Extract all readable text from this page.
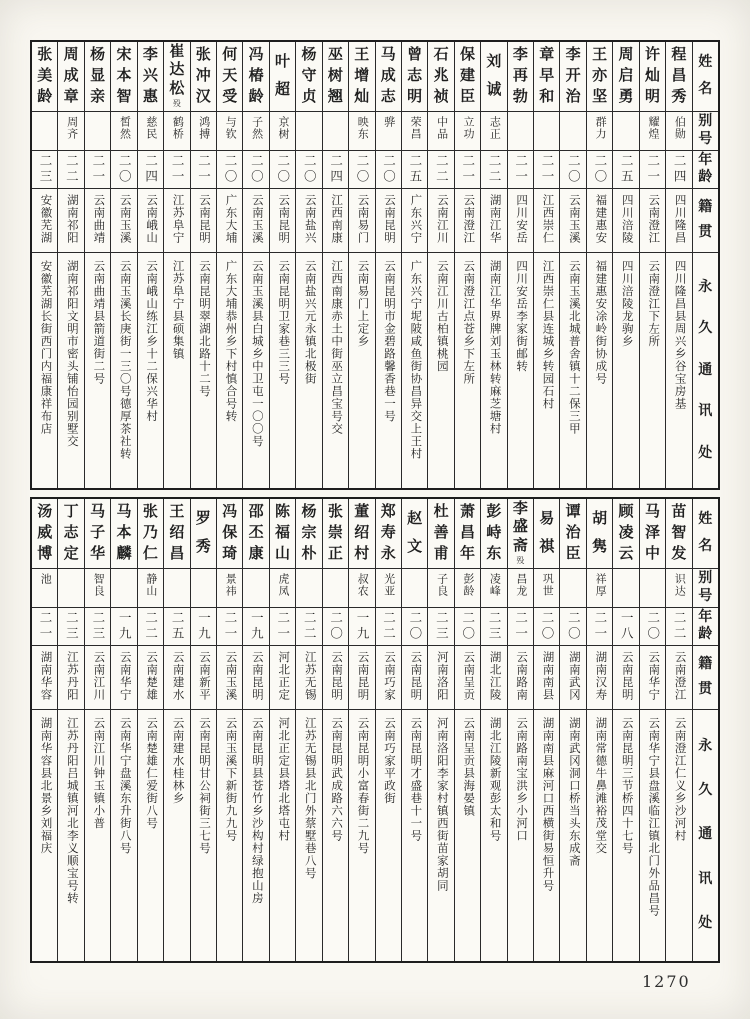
姓
名
别
号
年
龄
籍
贯
永
久
通
讯
处
程
昌
秀
伯勋
二四
四川隆昌
四川隆昌县周兴乡谷宝房基
许
灿
明
耀煌
二一
云南澄江
云南澄江下左所
周
启
勇
二五
四川涪陵
四川涪陵龙驹乡
王
亦
坚
群力
二〇
福建惠安
福建惠安凃岭街协成号
李
开
治
二〇
云南玉溪
云南玉溪北城普舍镇十二保三甲
章
早
和
二一
江西崇仁
江西崇仁县连城乡转园石村
李
再
勃
二一
四川安岳
四川安岳李家街邮转
刘
诚
志正
二二
湖南江华
湖南江华界牌刘玉林转麻芝塘村
保
建
臣
立功
二一
云南澄江
云南澄江点苍乡下左所
石
兆
祯
中品
二二
云南江川
云南江川古柏镇桃园
曾
志
明
荣昌
二五
广东兴宁
广东兴宁坭陂咸鱼街协昌异交上王村
马
成
志
骅
二〇
云南昆明
云南昆明市金碧路馨香巷一号
王
增
灿
映东
二〇
云南易门
云南易门上定乡
巫
树
翘
二四
江西南康
江西南康赤土中街巫立昌宝号交
杨
守
贞
二〇
云南盐兴
云南盐兴元永镇北极街
叶
超
京树
二〇
云南昆明
云南昆明卫家巷三三号
冯
椿
龄
子然
二〇
云南玉溪
云南玉溪县白城乡中卫屯一〇〇号
何
天
受
与钦
二〇
广东大埔
广东大埔恭州乡下村慎合号转
张
冲
汉
鸿搏
二一
云南昆明
云南昆明翠湖北路十二号
崔
达
松
殁
鹤桥
二一
江苏阜宁
江苏阜宁县硕集镇
李
兴
惠
慈民
二四
云南峨山
云南峨山练江乡十二保兴华村
宋
本
智
皙然
二〇
云南玉溪
云南玉溪长庚街一三〇号德厚茶社转
杨
显
亲
二一
云南曲靖
云南曲靖县箭道街二号
周
成
章
周齐
二二
湖南祁阳
湖南祁阳文明市密头铺怡园别墅交
张
美
龄
二三
安徽芜湖
安徽芜湖长街西门内福康祥布店
姓
名
别
号
年
龄
籍
贯
永
久
通
讯
处
苗
智
发
识达
二二
云南澄江
云南澄江仁义乡沙河村
马
泽
中
二〇
云南华宁
云南华宁县盘溪临江镇北门外品昌号
顾
凌
云
一八
云南昆明
云南昆明三节桥四十七号
胡
隽
祥厚
二一
湖南汉寿
湖南常德牛鼻滩裕茂堂交
谭
治
臣
二〇
湖南武冈
湖南武冈洞口桥当头东成斋
易
祺
巩世
二〇
湖南南县
湖南南县麻河口西横街易恒升号
李
盛
斋
殁
昌龙
二一
云南路南
云南路南宝洪乡小河口
彭
峙
东
凌峰
二三
湖北江陵
湖北江陵新观彭太和号
萧
昌
年
彭龄
二〇
云南呈贡
云南呈贡县海晏镇
杜
善
甫
子良
二三
河南洛阳
河南洛阳李家村镇西街苗家胡同
赵
文
二〇
云南昆明
云南昆明才盛巷十一号
郑
寿
永
光亚
二二
云南巧家
云南巧家平政街
董
绍
村
叔农
一九
云南昆明
云南昆明小富春街二九号
张
崇
正
二〇
云南昆明
云南昆明武成路六六号
杨
宗
朴
二二
江苏无锡
江苏无锡县北门外蔡墅巷八号
陈
福
山
虎凤
二一
河北正定
河北正定县塔北塔屯村
邵
丕
康
一九
云南昆明
云南昆明县苍竹乡沙构村绿抱山房
冯
保
琦
景祎
二一
云南玉溪
云南玉溪下新街九九号
罗
秀
一九
云南新平
云南昆明甘公祠街三七号
王
绍
昌
二五
云南建水
云南建水桂林乡
张
乃
仁
静山
二二
云南楚雄
云南楚雄仁爱街八号
马
本
麟
一九
云南华宁
云南华宁盘溪东升街八号
马
子
华
智良
二三
云南江川
云南江川钟玉镇小普
丁
志
定
二三
江苏丹阳
江苏丹阳吕城镇河北李义顺宝号转
汤
威
博
池
二一
湖南华容
湖南华容县北景乡刘福庆
1270
